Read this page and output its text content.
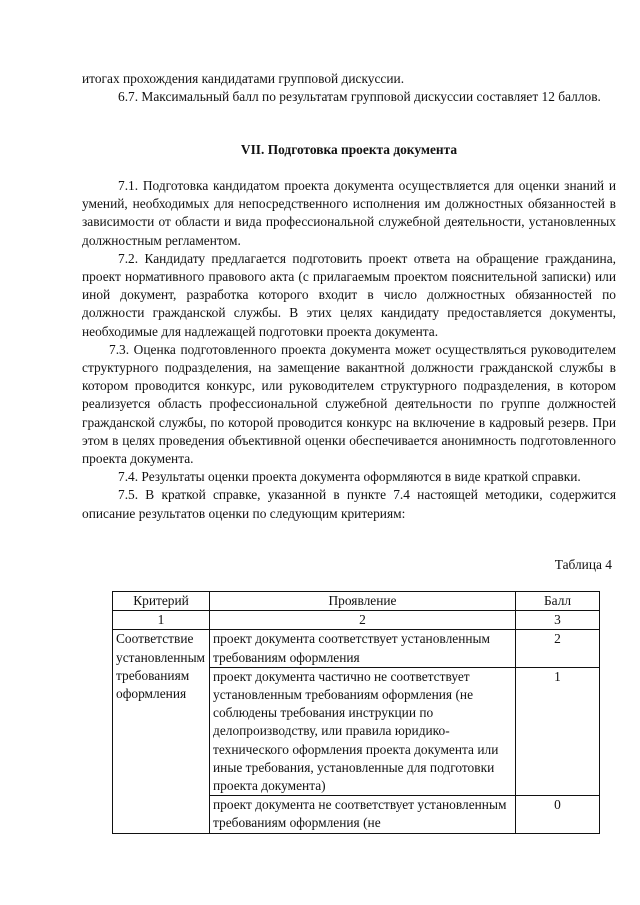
итогах прохождения кандидатами групповой дискуссии.

6.7. Максимальный балл по результатам групповой дискуссии составляет 12 баллов.

VII. Подготовка проекта документа

7.1. Подготовка кандидатом проекта документа осуществляется для оценки знаний и умений, необходимых для непосредственного исполнения им должностных обязанностей в зависимости от области и вида профессиональной служебной деятельности, установленных должностным регламентом.

7.2. Кандидату предлагается подготовить проект ответа на обращение гражданина, проект нормативного правового акта (с прилагаемым проектом пояснительной записки) или иной документ, разработка которого входит в число должностных обязанностей по должности гражданской службы. В этих целях кандидату предоставляется документы, необходимые для надлежащей подготовки проекта документа.

7.3. Оценка подготовленного проекта документа может осуществляться руководителем структурного подразделения, на замещение вакантной должности гражданской службы в котором проводится конкурс, или руководителем структурного подразделения, в котором реализуется область профессиональной служебной деятельности по группе должностей гражданской службы, по которой проводится конкурс на включение в кадровый резерв. При этом в целях проведения объективной оценки обеспечивается анонимность подготовленного проекта документа.

7.4. Результаты оценки проекта документа оформляются в виде краткой справки.

7.5. В краткой справке, указанной в пункте 7.4 настоящей методики, содержится описание результатов оценки по следующим критериям:

Таблица 4
Критерий	Проявление	Балл
1	2	3
Соответствие
установленным
требованиям
оформления	проект документа соответствует установленным требованиям оформления	2
	проект документа частично не соответствует установленным требованиям оформления (не соблюдены требования инструкции по делопроизводству, или правила юридико-технического оформления проекта документа или иные требования, установленные для подготовки проекта документа)	1
	проект документа не соответствует установленным требованиям оформления (не	0
